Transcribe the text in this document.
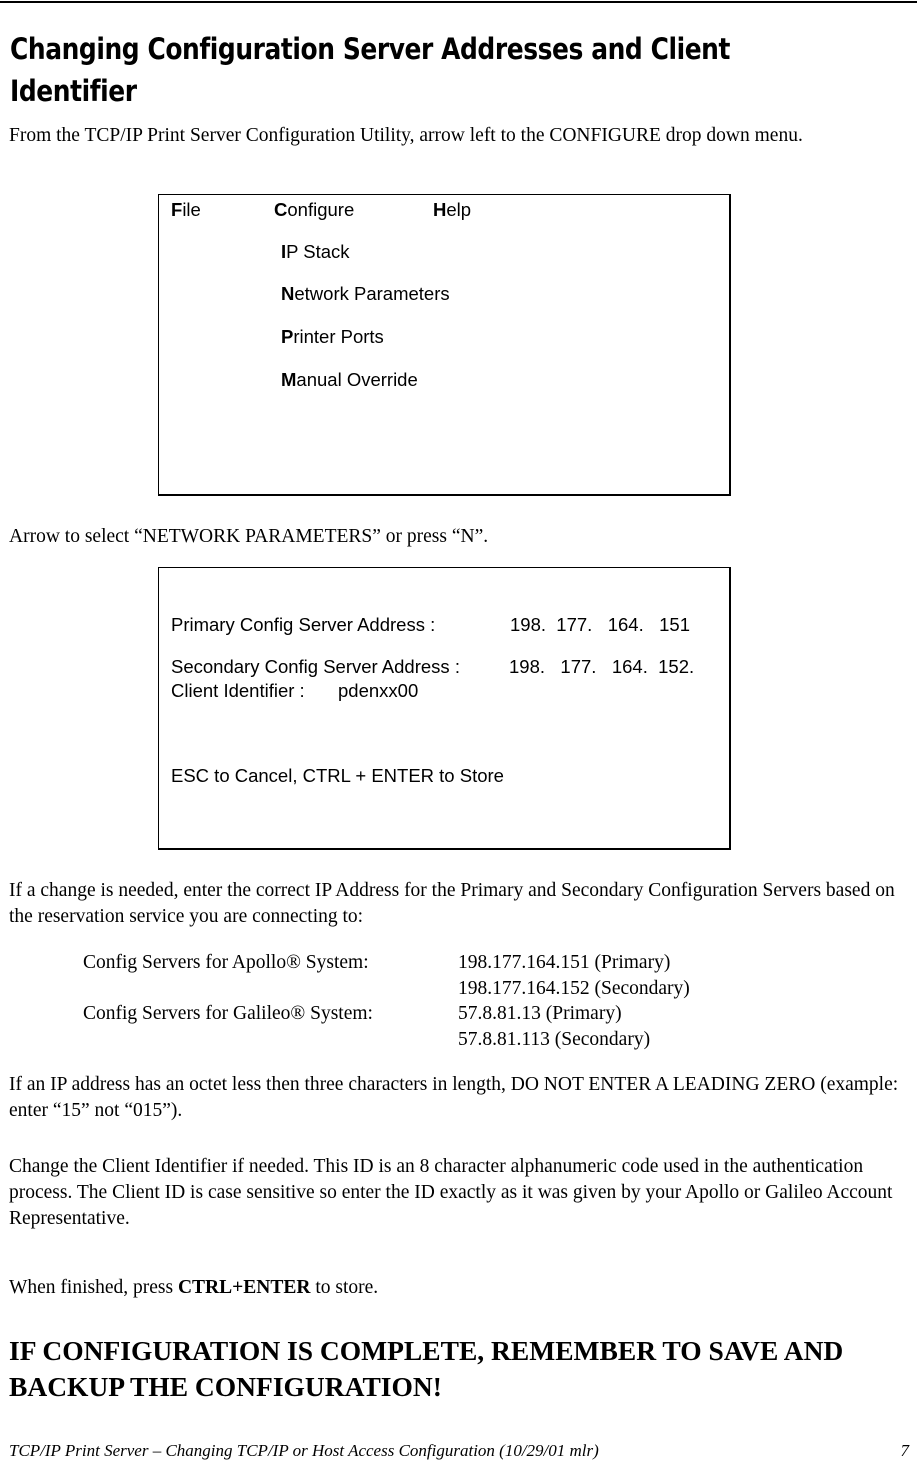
Changing Configuration Server Addresses and Client Identifier
From the TCP/IP Print Server Configuration Utility, arrow left to the CONFIGURE drop down menu.
File	Configure	Help
IP Stack
Network Parameters
Printer Ports
Manual Override
Arrow to select “NETWORK PARAMETERS” or press “N”.
Primary Config Server Address :	198.  177.   164.   151
Secondary Config Server Address :	198.   177.   164.  152.
Client Identifier : pdenxx00
ESC to Cancel, CTRL + ENTER to Store
If a change is needed, enter the correct IP Address for the Primary and Secondary Configuration Servers based on the reservation service you are connecting to:
Config Servers for Apollo® System:	198.177.164.151 (Primary)
198.177.164.152 (Secondary)
Config Servers for Galileo® System:	57.8.81.13 (Primary)
57.8.81.113 (Secondary)
If an IP address has an octet less then three characters in length, DO NOT ENTER A LEADING ZERO (example: enter “15” not “015”).
Change the Client Identifier if needed. This ID is an 8 character alphanumeric code used in the authentication process. The Client ID is case sensitive so enter the ID exactly as it was given by your Apollo or Galileo Account Representative.
When finished, press CTRL+ENTER to store.
IF CONFIGURATION IS COMPLETE, REMEMBER TO SAVE AND BACKUP THE CONFIGURATION!
TCP/IP Print Server – Changing TCP/IP or Host Access Configuration (10/29/01 mlr)	7
